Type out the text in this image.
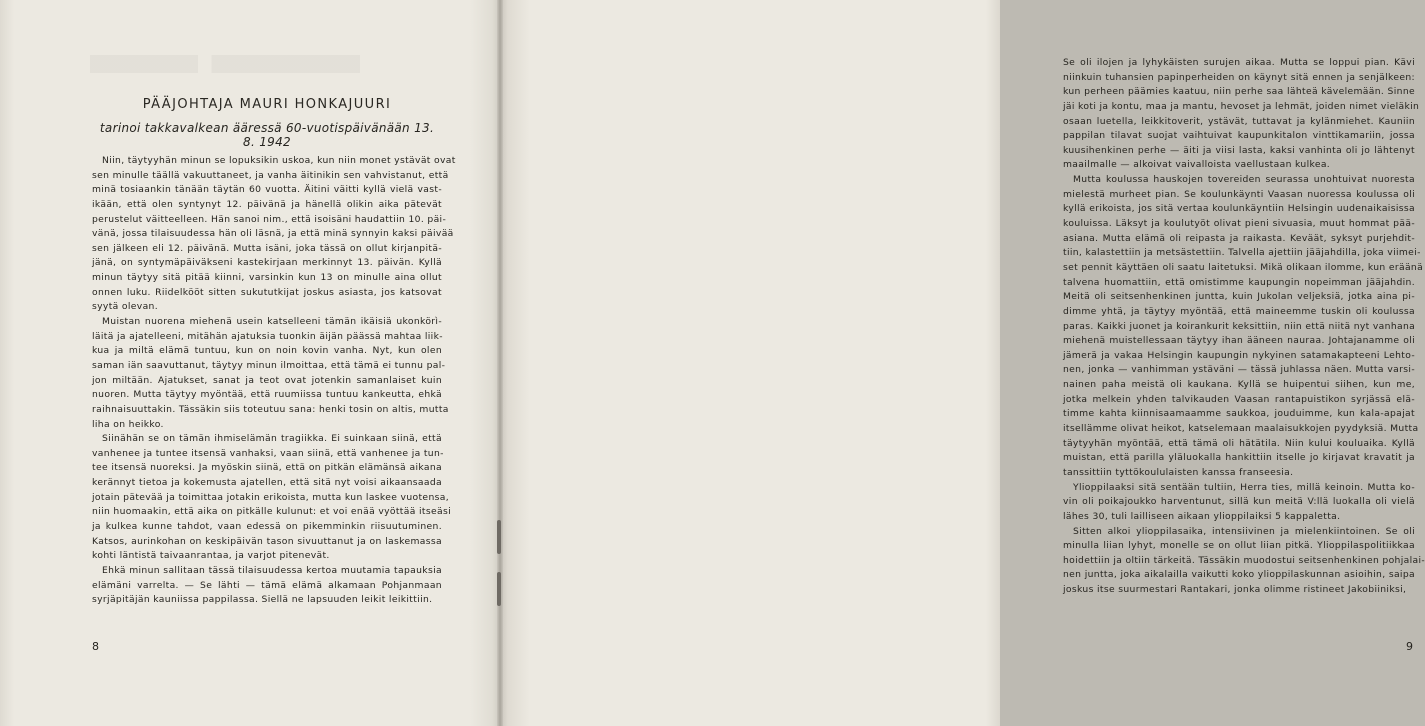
PÄÄJOHTAJA MAURI HONKAJUURI
tarinoi takkavalkean ääressä 60-vuotispäivänään 13. 8. 1942
Niin, täytyyhän minun se lopuksikin uskoa, kun niin monet ystävät ovat
sen minulle täällä vakuuttaneet, ja vanha äitinikin sen vahvistanut, että
minä tosiaankin tänään täytän 60 vuotta. Äitini väitti kyllä vielä vast-
ikään, että olen syntynyt 12. päivänä ja hänellä olikin aika pätevät
perustelut väitteelleen. Hän sanoi nim., että isoisäni haudattiin 10. päi-
vänä, jossa tilaisuudessa hän oli läsnä, ja että minä synnyin kaksi päivää
sen jälkeen eli 12. päivänä. Mutta isäni, joka tässä on ollut kirjanpitä-
jänä, on syntymäpäiväkseni kastekirjaan merkinnyt 13. päivän. Kyllä
minun täytyy sitä pitää kiinni, varsinkin kun 13 on minulle aina ollut
onnen luku. Riidelkööt sitten sukututkijat joskus asiasta, jos katsovat
syytä olevan.
Muistan nuorena miehenä usein katselleeni tämän ikäisiä ukonkörì-
läitä ja ajatelleeni, mitähän ajatuksia tuonkin äijän päässä mahtaa liik-
kua ja miltä elämä tuntuu, kun on noin kovin vanha. Nyt, kun olen
saman iän saavuttanut, täytyy minun ilmoittaa, että tämä ei tunnu pal-
jon miltään. Ajatukset, sanat ja teot ovat jotenkin samanlaiset kuin
nuoren. Mutta täytyy myöntää, että ruumiissa tuntuu kankeutta, ehkä
raihnaisuuttakin. Tässäkin siis toteutuu sana: henki tosin on altis, mutta
liha on heikko.
Siinähän se on tämän ihmiselämän tragiikka. Ei suinkaan siinä, että
vanhenee ja tuntee itsensä vanhaksi, vaan siinä, että vanhenee ja tun-
tee itsensä nuoreksi. Ja myöskin siinä, että on pitkän elämänsä aikana
kerännyt tietoa ja kokemusta ajatellen, että sitä nyt voisi aikaansaada
jotain pätevää ja toimittaa jotakin erikoista, mutta kun laskee vuotensa,
niin huomaakin, että aika on pitkälle kulunut: et voi enää vyöttää itseäsi
ja kulkea kunne tahdot, vaan edessä on pikemminkin riisuutuminen.
Katsos, aurinkohan on keskipäivän tason sivuuttanut ja on laskemassa
kohti läntistä taivaanrantaa, ja varjot pitenevät.
Ehkä minun sallitaan tässä tilaisuudessa kertoa muutamia tapauksia
elämäni varrelta. — Se lähti — tämä elämä alkamaan Pohjanmaan
syrjäpitäjän kauniissa pappilassa. Siellä ne lapsuuden leikit leikittiin.
8
Se oli ilojen ja lyhykäisten surujen aikaa. Mutta se loppui pian. Kävi
niinkuin tuhansien papinperheiden on käynyt sitä ennen ja senjälkeen:
kun perheen päämies kaatuu, niin perhe saa lähteä kävelemään. Sinne
jäi koti ja kontu, maa ja mantu, hevoset ja lehmät, joiden nimet vieläkin
osaan luetella, leikkitoverit, ystävät, tuttavat ja kylänmiehet. Kauniin
pappilan tilavat suojat vaihtuivat kaupunkitalon vinttikamariin, jossa
kuusihenkinen perhe — äiti ja viisi lasta, kaksi vanhinta oli jo lähtenyt
maailmalle — alkoivat vaivalloista vaellustaan kulkea.
Mutta koulussa hauskojen tovereiden seurassa unohtuivat nuoresta
mielestä murheet pian. Se koulunkäynti Vaasan nuoressa koulussa oli
kyllä erikoista, jos sitä vertaa koulunkäyntiin Helsingin uudenaikaisissa
kouluissa. Läksyt ja koulutyöt olivat pieni sivuasia, muut hommat pää-
asiana. Mutta elämä oli reipasta ja raikasta. Keväät, syksyt purjehdit-
tiin, kalastettiin ja metsästettiin. Talvella ajettiin jääjahdilla, joka viimei-
set pennit käyttäen oli saatu laitetuksi. Mikä olikaan ilomme, kun eräänä
talvena huomattiin, että omistimme kaupungin nopeimman jääjahdin.
Meitä oli seitsenhenkinen juntta, kuin Jukolan veljeksiä, jotka aina pi-
dimme yhtä, ja täytyy myöntää, että maineemme tuskin oli koulussa
paras. Kaikki juonet ja koirankurit keksittiin, niin että niitä nyt vanhana
miehenä muistellessaan täytyy ihan ääneen nauraa. Johtajanamme oli
jämerä ja vakaa Helsingin kaupungin nykyinen satamakapteeni Lehto-
nen, jonka — vanhimman ystäväni — tässä juhlassa näen. Mutta varsi-
nainen paha meistä oli kaukana. Kyllä se huipentui siihen, kun me,
jotka melkein yhden talvikauden Vaasan rantapuistikon syrjässä elä-
timme kahta kiinnisaamaamme saukkoa, jouduimme, kun kala-apajat
itsellämme olivat heikot, katselemaan maalaisukkojen pyydyksiä. Mutta
täytyyhän myöntää, että tämä oli hätätila. Niin kului kouluaika. Kyllä
muistan, että parilla yläluokalla hankittiin itselle jo kirjavat kravatit ja
tanssittiin tyttökoululaisten kanssa franseesia.
Ylioppilaaksi sitä sentään tultiin, Herra ties, millä keinoin. Mutta ko-
vin oli poikajoukko harventunut, sillä kun meitä V:llä luokalla oli vielä
lähes 30, tuli lailliseen aikaan ylioppilaiksi 5 kappaletta.
Sitten alkoi ylioppilasaika, intensiivinen ja mielenkiintoinen. Se oli
minulla liian lyhyt, monelle se on ollut liian pitkä. Ylioppilaspolitiikkaa
hoidettiin ja oltiin tärkeitä. Tässäkin muodostui seitsenhenkinen pohjalai-
nen juntta, joka aikalailla vaikutti koko ylioppilaskunnan asioihin, saipa
joskus itse suurmestari Rantakari, jonka olimme ristineet Jakobiiniksi,
9
